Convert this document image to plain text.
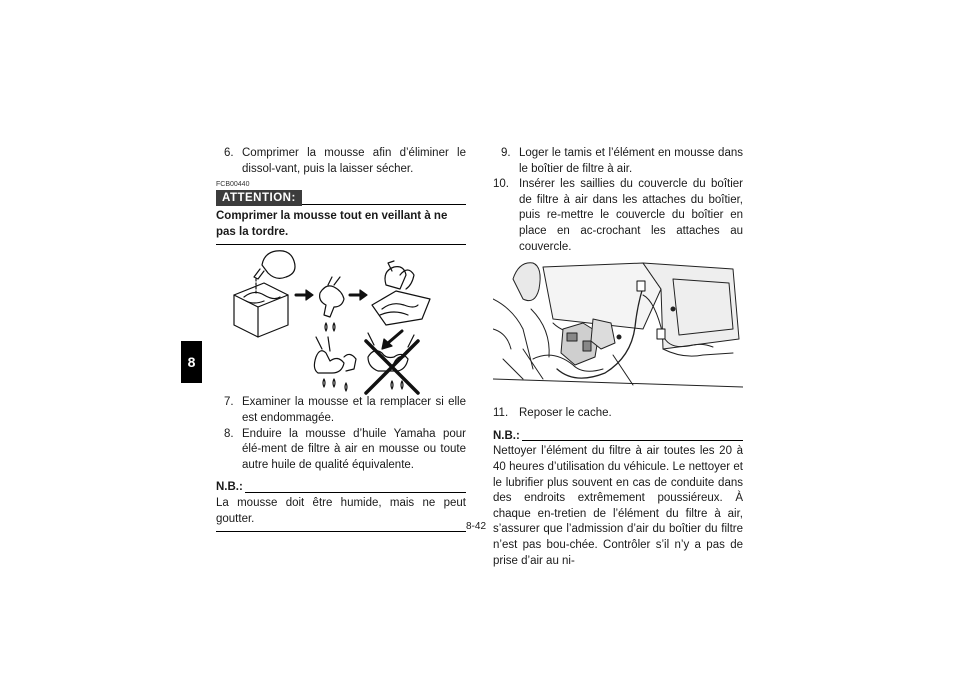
8

6. Comprimer la mousse afin d’éliminer le dissol-vant, puis la laisser sécher.

FCB00440
ATTENTION:
Comprimer la mousse tout en veillant à ne pas la tordre.

7. Examiner la mousse et la remplacer si elle est endommagée.

8. Enduire la mousse d’huile Yamaha pour élé-ment de filtre à air en mousse ou toute autre huile de qualité équivalente.

N.B.:
La mousse doit être humide, mais ne peut goutter.

9. Loger le tamis et l’élément en mousse dans le boîtier de filtre à air.

10. Insérer les saillies du couvercle du boîtier de filtre à air dans les attaches du boîtier, puis re-mettre le couvercle du boîtier en place en ac-crochant les attaches au couvercle.

11. Reposer le cache.

N.B.:
Nettoyer l’élément du filtre à air toutes les 20 à 40 heures d’utilisation du véhicule. Le nettoyer et le lubrifier plus souvent en cas de conduite dans des endroits extrêmement poussiéreux. À chaque en-tretien de l’élément du filtre à air, s’assurer que l’admission d’air du boîtier du filtre n’est pas bou-chée. Contrôler s’il n’y a pas de prise d’air au ni-
8-42
